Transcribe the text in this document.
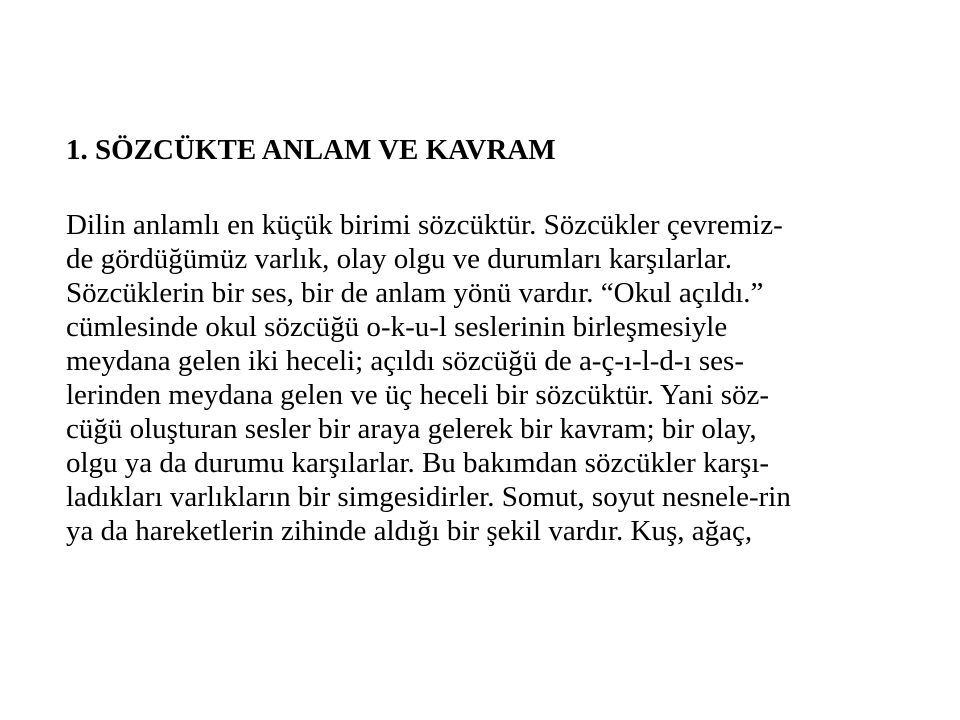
1. SÖZCÜKTE ANLAM VE KAVRAM
Dilin anlamlı en küçük birimi sözcüktür. Sözcükler çevremiz-
de gördüğümüz varlık, olay olgu ve durumları karşılarlar.
Sözcüklerin bir ses, bir de anlam yönü vardır. “Okul açıldı.”
cümlesinde okul sözcüğü o-k-u-l seslerinin birleşmesiyle
meydana gelen iki heceli; açıldı sözcüğü de a-ç-ı-l-d-ı ses-
lerinden meydana gelen ve üç heceli bir sözcüktür. Yani söz-
cüğü oluşturan sesler bir araya gelerek bir kavram; bir olay,
olgu ya da durumu karşılarlar. Bu bakımdan sözcükler karşı-
ladıkları varlıkların bir simgesidirler. Somut, soyut nesnele-rin
ya da hareketlerin zihinde aldığı bir şekil vardır. Kuş, ağaç,
